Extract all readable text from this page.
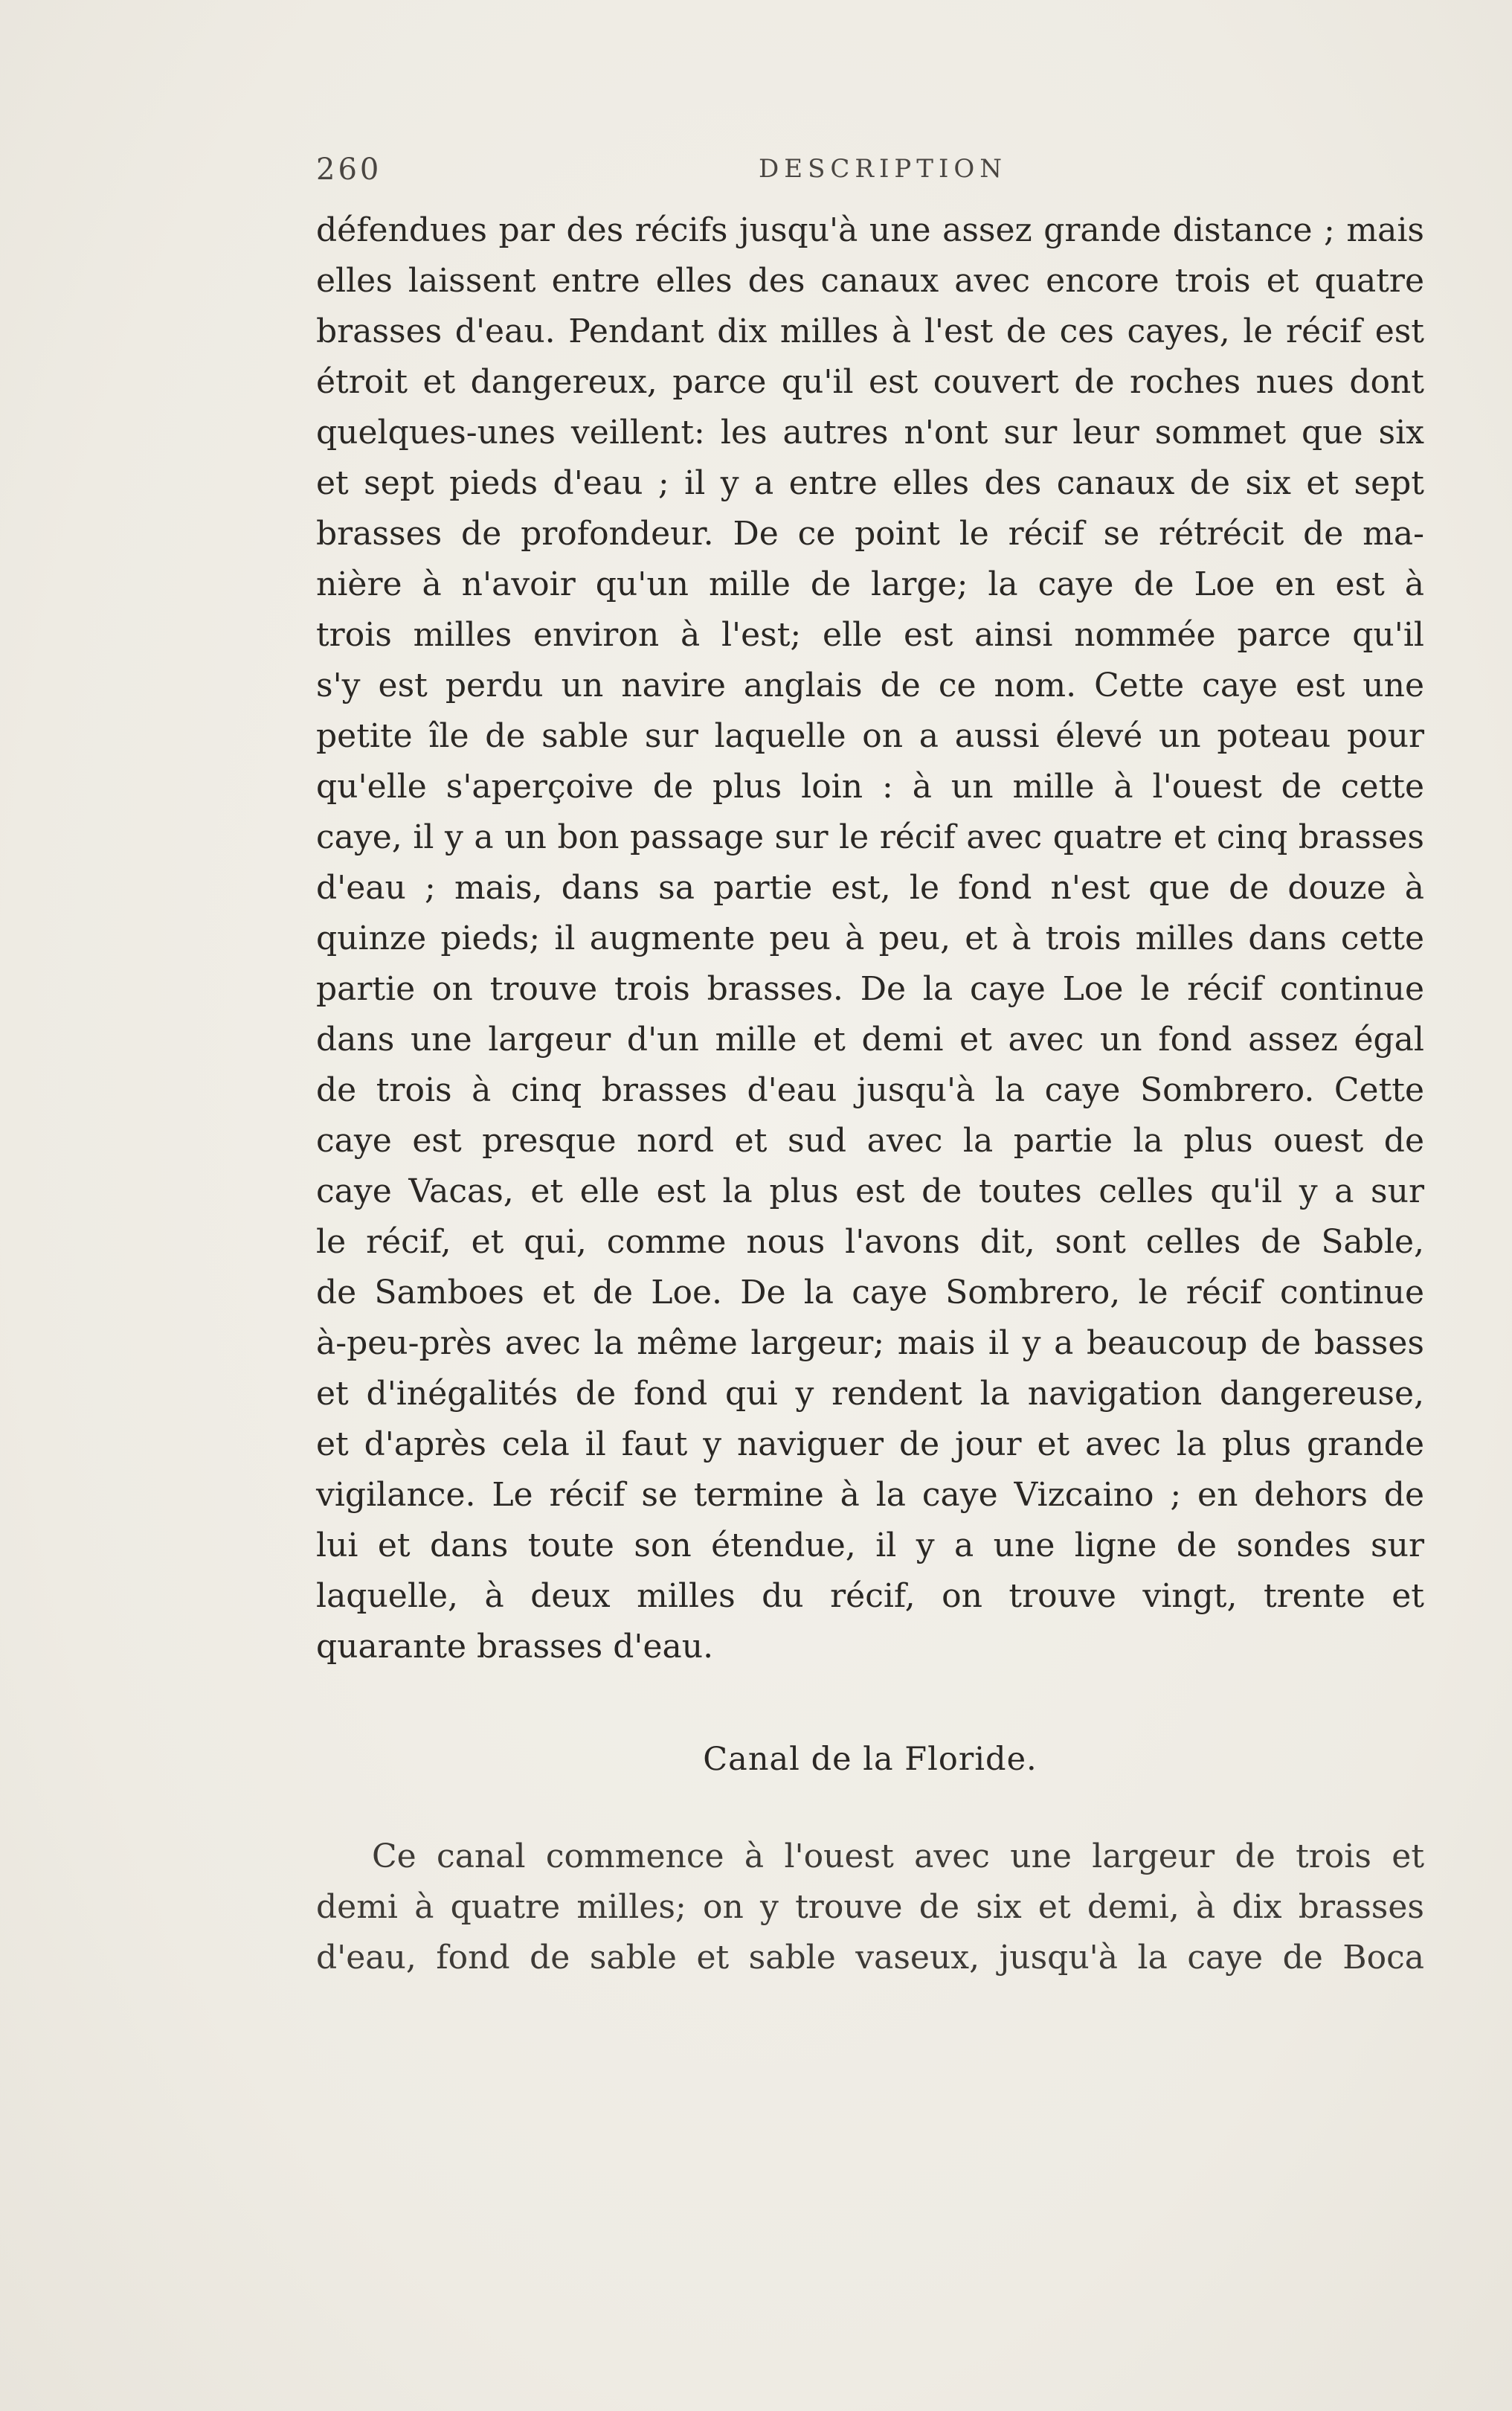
260	DESCRIPTION
défendues par des récifs jusqu'à une assez grande distance ; mais
elles laissent entre elles des canaux avec encore trois et quatre
brasses d'eau. Pendant dix milles à l'est de ces cayes, le récif est
étroit et dangereux, parce qu'il est couvert de roches nues dont
quelques-unes veillent: les autres n'ont sur leur sommet que six
et sept pieds d'eau ; il y a entre elles des canaux de six et sept
brasses de profondeur. De ce point le récif se rétrécit de ma-
nière à n'avoir qu'un mille de large; la caye de Loe en est à
trois milles environ à l'est; elle est ainsi nommée parce qu'il
s'y est perdu un navire anglais de ce nom. Cette caye est une
petite île de sable sur laquelle on a aussi élevé un poteau pour
qu'elle s'aperçoive de plus loin : à un mille à l'ouest de cette
caye, il y a un bon passage sur le récif avec quatre et cinq brasses
d'eau ; mais, dans sa partie est, le fond n'est que de douze à
quinze pieds; il augmente peu à peu, et à trois milles dans cette
partie on trouve trois brasses. De la caye Loe le récif continue
dans une largeur d'un mille et demi et avec un fond assez égal
de trois à cinq brasses d'eau jusqu'à la caye Sombrero. Cette
caye est presque nord et sud avec la partie la plus ouest de
caye Vacas, et elle est la plus est de toutes celles qu'il y a sur
le récif, et qui, comme nous l'avons dit, sont celles de Sable,
de Samboes et de Loe. De la caye Sombrero, le récif continue
à-peu-près avec la même largeur; mais il y a beaucoup de basses
et d'inégalités de fond qui y rendent la navigation dangereuse,
et d'après cela il faut y naviguer de jour et avec la plus grande
vigilance. Le récif se termine à la caye Vizcaino ; en dehors de
lui et dans toute son étendue, il y a une ligne de sondes sur
laquelle, à deux milles du récif, on trouve vingt, trente et
quarante brasses d'eau.
Canal de la Floride.
Ce canal commence à l'ouest avec une largeur de trois et
demi à quatre milles; on y trouve de six et demi, à dix brasses
d'eau, fond de sable et sable vaseux, jusqu'à la caye de Boca
